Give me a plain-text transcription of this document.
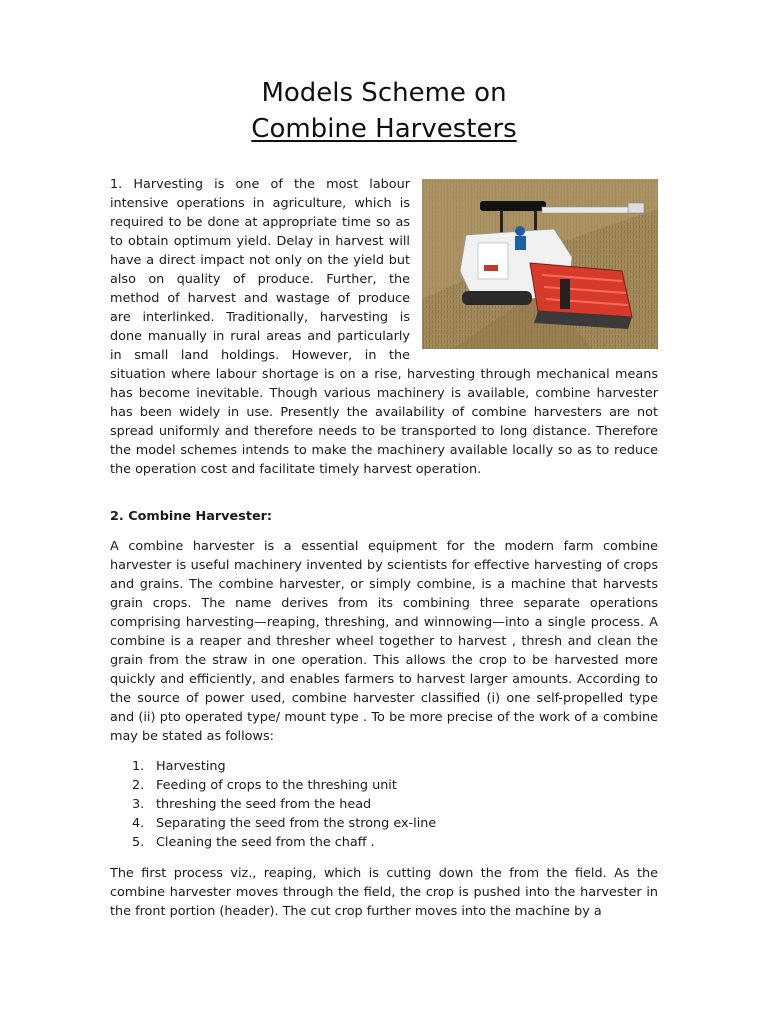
Models Scheme on
Combine Harvesters
1. Harvesting is one of the most labour intensive operations in agriculture, which is required to be done at appropriate time so as to obtain optimum yield. Delay in harvest will have a direct impact not only on the yield but also on quality of produce. Further, the method of harvest and wastage of produce are interlinked. Traditionally, harvesting is done manually in rural areas and particularly in small land holdings. However, in the situation where labour shortage is on a rise, harvesting through mechanical means has become inevitable. Though various machinery is available, combine harvester has been widely in use. Presently the availability of combine harvesters are not spread uniformly and therefore needs to be transported to long distance. Therefore the model schemes intends to make the machinery available locally so as to reduce the operation cost and facilitate timely harvest operation.
2. Combine Harvester:
A combine harvester is a essential equipment for the modern farm combine harvester is useful machinery invented by scientists for effective harvesting of crops and grains. The combine harvester, or simply combine, is a machine that harvests grain crops. The name derives from its combining three separate operations comprising harvesting—reaping, threshing, and winnowing—into a single process. A combine is a reaper and thresher wheel together to harvest , thresh and clean the grain from the straw in one operation. This allows the crop to be harvested more quickly and efficiently, and enables farmers to harvest larger amounts. According to the source of power used, combine harvester classified (i) one self-propelled type and (ii) pto operated type/ mount type . To be more precise of the work of a combine may be stated as follows:
1. Harvesting
2. Feeding of crops to the threshing unit
3. threshing the seed from the head
4. Separating the seed from the strong ex-line
5. Cleaning the seed from the chaff .
The first process viz., reaping, which is cutting down the from the field. As the combine harvester moves through the field, the crop is pushed into the harvester in the front portion (header). The cut crop further moves into the machine by a
